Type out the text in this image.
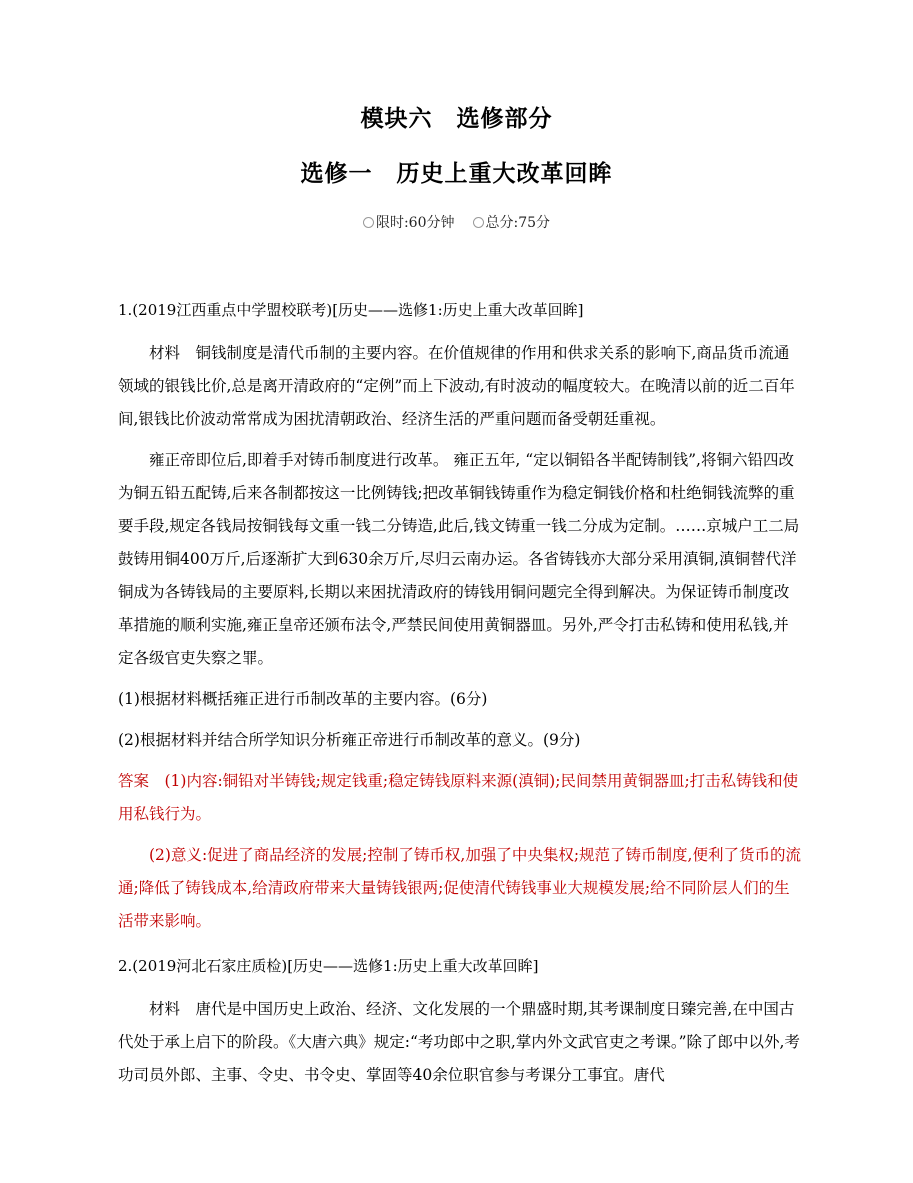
模块六　选修部分
选修一　历史上重大改革回眸
限时:60分钟 总分:75分

1.(2019江西重点中学盟校联考)[历史——选修1:历史上重大改革回眸]

材料　铜钱制度是清代币制的主要内容。在价值规律的作用和供求关系的影响下,商品货币流通领域的银钱比价,总是离开清政府的“定例”而上下波动,有时波动的幅度较大。在晚清以前的近二百年间,银钱比价波动常常成为困扰清朝政治、经济生活的严重问题而备受朝廷重视。

雍正帝即位后,即着手对铸币制度进行改革。 雍正五年, “定以铜铅各半配铸制钱”,将铜六铅四改为铜五铅五配铸,后来各制都按这一比例铸钱;把改革铜钱铸重作为稳定铜钱价格和杜绝铜钱流弊的重要手段,规定各钱局按铜钱每文重一钱二分铸造,此后,钱文铸重一钱二分成为定制。……京城户工二局鼓铸用铜400万斤,后逐渐扩大到630余万斤,尽归云南办运。各省铸钱亦大部分采用滇铜,滇铜替代洋铜成为各铸钱局的主要原料,长期以来困扰清政府的铸钱用铜问题完全得到解决。为保证铸币制度改革措施的顺利实施,雍正皇帝还颁布法令,严禁民间使用黄铜器皿。另外,严令打击私铸和使用私钱,并定各级官吏失察之罪。

(1)根据材料概括雍正进行币制改革的主要内容。(6分)

(2)根据材料并结合所学知识分析雍正帝进行币制改革的意义。(9分)

答案　(1)内容:铜铅对半铸钱;规定钱重;稳定铸钱原料来源(滇铜);民间禁用黄铜器皿;打击私铸钱和使用私钱行为。

(2)意义:促进了商品经济的发展;控制了铸币权,加强了中央集权;规范了铸币制度,便利了货币的流通;降低了铸钱成本,给清政府带来大量铸钱银两;促使清代铸钱事业大规模发展;给不同阶层人们的生活带来影响。

2.(2019河北石家庄质检)[历史——选修1:历史上重大改革回眸]

材料　唐代是中国历史上政治、经济、文化发展的一个鼎盛时期,其考课制度日臻完善,在中国古代处于承上启下的阶段。《大唐六典》规定:“考功郎中之职,掌内外文武官吏之考课。”除了郎中以外,考功司员外郎、主事、令史、书令史、掌固等40余位职官参与考课分工事宜。唐代
